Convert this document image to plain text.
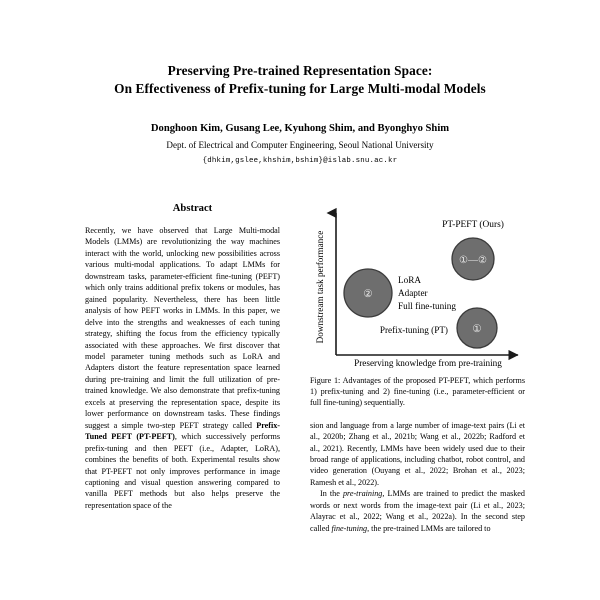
Preserving Pre-trained Representation Space:
On Effectiveness of Prefix-tuning for Large Multi-modal Models
Donghoon Kim, Gusang Lee, Kyuhong Shim, and Byonghyo Shim
Dept. of Electrical and Computer Engineering, Seoul National University
{dhkim,gslee,khshim,bshim}@islab.snu.ac.kr
Abstract

Recently, we have observed that Large Multi-modal Models (LMMs) are revolutionizing the way machines interact with the world, unlocking new possibilities across various multi-modal applications. To adapt LMMs for downstream tasks, parameter-efficient fine-tuning (PEFT) which only trains additional prefix tokens or modules, has gained popularity. Nevertheless, there has been little analysis of how PEFT works in LMMs. In this paper, we delve into the strengths and weaknesses of each tuning strategy, shifting the focus from the efficiency typically associated with these approaches. We first discover that model parameter tuning methods such as LoRA and Adapters distort the feature representation space learned during pre-training and limit the full utilization of pre-trained knowledge. We also demonstrate that prefix-tuning excels at preserving the representation space, despite its lower performance on downstream tasks. These findings suggest a simple two-step PEFT strategy called Prefix-Tuned PEFT (PT-PEFT), which successively performs prefix-tuning and then PEFT (i.e., Adapter, LoRA), combines the benefits of both. Experimental results show that PT-PEFT not only improves performance in image captioning and visual question answering compared to vanilla PEFT methods but also helps preserve the representation space of the

Downstream task performance
Preserving knowledge from pre-training
②
LoRA
Adapter
Full fine-tuning
①
Prefix-tuning (PT)
①—②
PT-PEFT (Ours)
Figure 1: Advantages of the proposed PT-PEFT, which performs 1) prefix-tuning and 2) fine-tuning (i.e., parameter-efficient or full fine-tuning) sequentially.

sion and language from a large number of image-text pairs (Li et al., 2020b; Zhang et al., 2021b; Wang et al., 2022b; Radford et al., 2021). Recently, LMMs have been widely used due to their broad range of applications, including chatbot, robot control, and video generation (Ouyang et al., 2022; Brohan et al., 2023; Ramesh et al., 2022).

In the pre-training, LMMs are trained to predict the masked words or next words from the image-text pair (Li et al., 2023; Alayrac et al., 2022; Wang et al., 2022a). In the second step called fine-tuning, the pre-trained LMMs are tailored to
